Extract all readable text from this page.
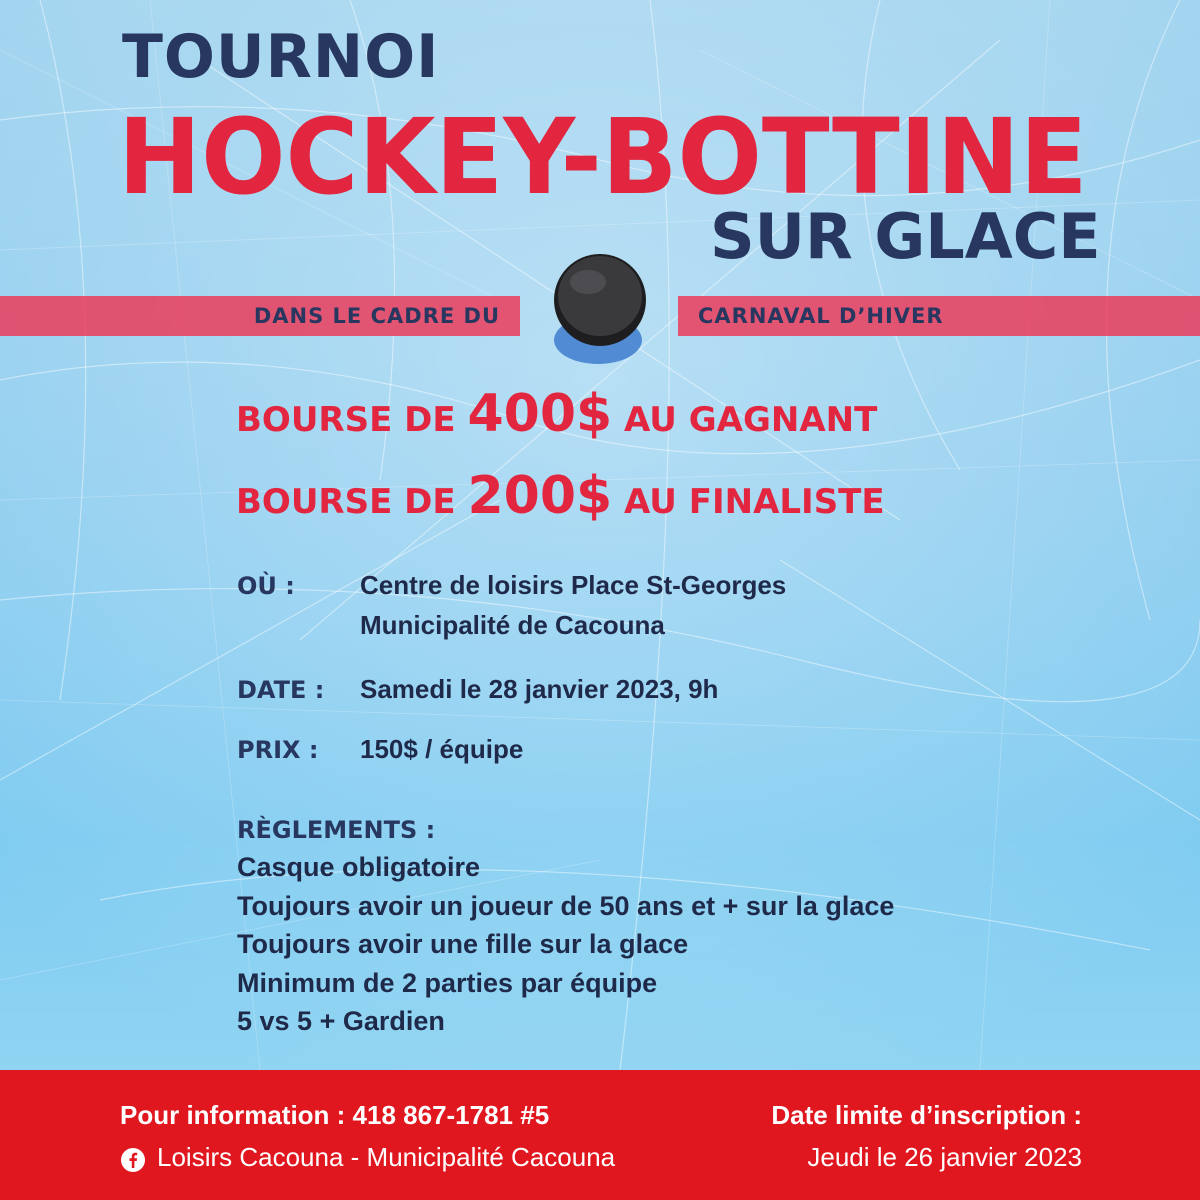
TOURNOI
HOCKEY-BOTTINE
SUR GLACE
DANS LE CADRE DU	CARNAVAL D’HIVER
BOURSE DE 400$ AU GAGNANT
BOURSE DE 200$ AU FINALISTE
OÙ :	Centre de loisirs Place St-Georges
Municipalité de Cacouna
DATE : Samedi le 28 janvier 2023, 9h
PRIX : 150$ / équipe
RÈGLEMENTS :
Casque obligatoire
Toujours avoir un joueur de 50 ans et + sur la glace
Toujours avoir une fille sur la glace
Minimum de 2 parties par équipe
5 vs 5 + Gardien
Pour information : 418 867-1781 #5
Loisirs Cacouna - Municipalité Cacouna
Date limite d’inscription :
Jeudi le 26 janvier 2023
